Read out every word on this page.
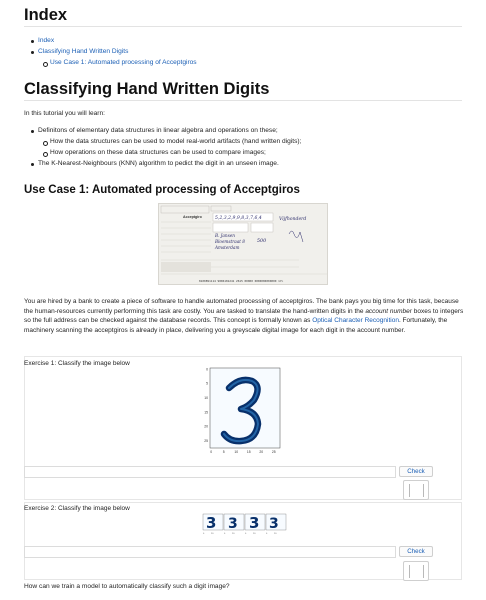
Index
Index
Classifying Hand Written Digits
Use Case 1: Automated processing of Acceptgiros
Classifying Hand Written Digits

In this tutorial you will learn:

Definitons of elementary data structures in linear algebra and operations on these;
How the data structures can be used to model real-world artifacts (hand written digits);
How operations on these data structures can be used to compare images;
The K-Nearest-Neighbours (KNN) algorithm to pedict the digit in an unseen image.
Use Case 1: Automated processing of Acceptgiros
Acceptgiro	5,2,3,2,9,9,8,3,7,6,4	Vijfhonderd
B. Jansen
Bloemstraat 8
Amsterdam
500
8100891114 9806181241 2615 00000 0000000000000 17>

You are hired by a bank to create a piece of software to handle automated processing of acceptgiros. The bank pays you big time for this task, because the human-resources currently performing this task are costly. You are tasked to translate the hand-written digits in the account number boxes to integers so the full address can be checked against the database records. This concept is formally known as Optical Character Recognition. Fortunately, the machinery scanning the acceptgiros is already in place, delivering you a greyscale digital image for each digit in the account number.

Exercise 1: Classify the image below
0
5
10
15
20
25
0	5	10	15	20	25
Check
Exercise 2: Classify the image below
3 3 3 3
0	20	0	20	0	20	0	20
Check

How can we train a model to automatically classify such a digit image?
